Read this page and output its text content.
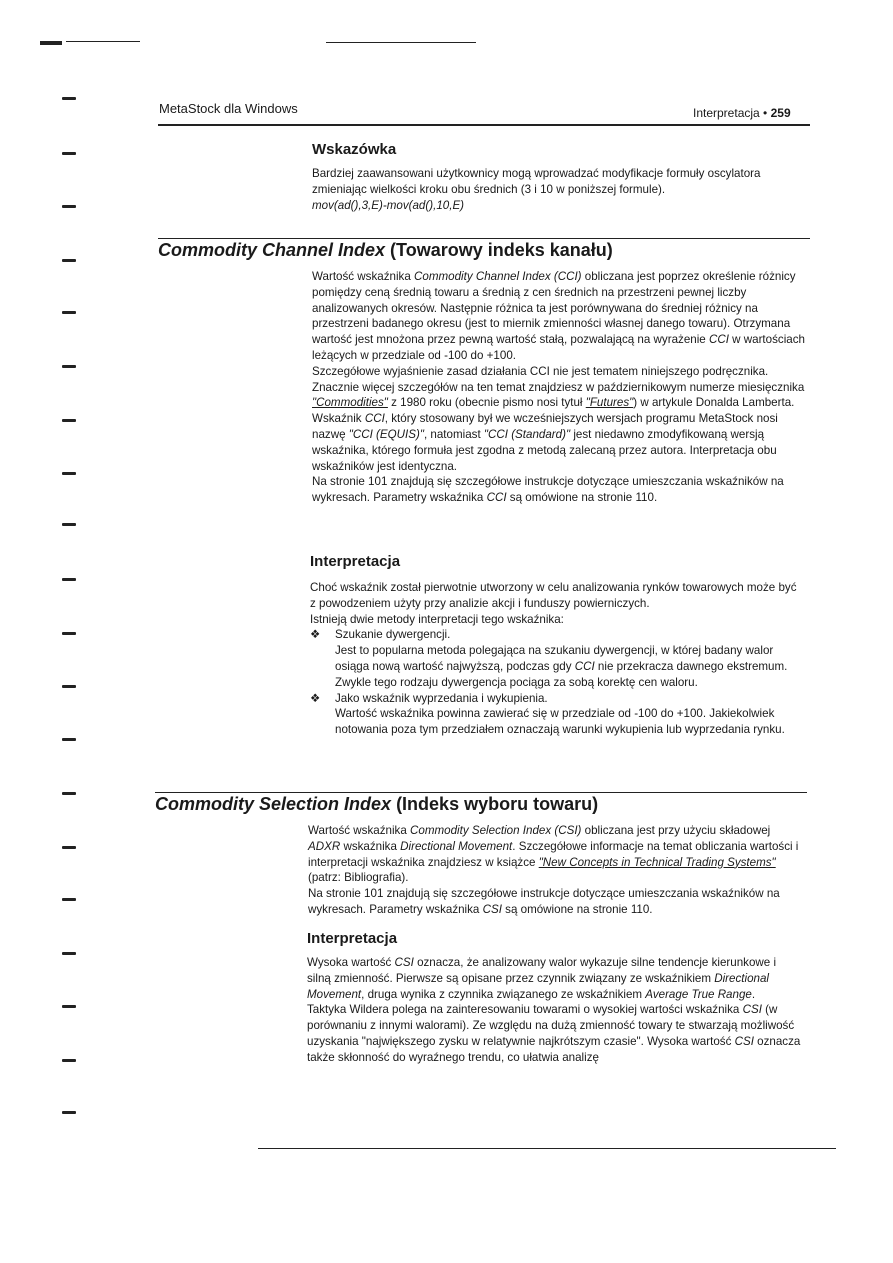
MetaStock dla Windows	Interpretacja • 259
Wskazówka

Bardziej zaawansowani użytkownicy mogą wprowadzać modyfikacje formuły oscylatora zmieniając wielkości kroku obu średnich (3 i 10 w poniższej formule).

mov(ad(),3,E)-mov(ad(),10,E)

Commodity Channel Index (Towarowy indeks kanału)

Wartość wskaźnika Commodity Channel Index (CCI) obliczana jest poprzez określenie różnicy pomiędzy ceną średnią towaru a średnią z cen średnich na przestrzeni pewnej liczby analizowanych okresów. Następnie różnica ta jest porównywana do średniej różnicy na przestrzeni badanego okresu (jest to miernik zmienności własnej danego towaru). Otrzymana wartość jest mnożona przez pewną wartość stałą, pozwalającą na wyrażenie CCI w wartościach leżących w przedziale od -100 do +100.

Szczegółowe wyjaśnienie zasad działania CCI nie jest tematem niniejszego podręcznika. Znacznie więcej szczegółów na ten temat znajdziesz w październikowym numerze miesięcznika "Commodities" z 1980 roku (obecnie pismo nosi tytuł "Futures") w artykule Donalda Lamberta.

Wskaźnik CCI, który stosowany był we wcześniejszych wersjach programu MetaStock nosi nazwę "CCI (EQUIS)", natomiast "CCI (Standard)" jest niedawno zmodyfikowaną wersją wskaźnika, którego formuła jest zgodna z metodą zalecaną przez autora. Interpretacja obu wskaźników jest identyczna.

Na stronie 101 znajdują się szczegółowe instrukcje dotyczące umieszczania wskaźników na wykresach. Parametry wskaźnika CCI są omówione na stronie 110.

Interpretacja

Choć wskaźnik został pierwotnie utworzony w celu analizowania rynków towarowych może być z powodzeniem użyty przy analizie akcji i funduszy powierniczych.

Istnieją dwie metody interpretacji tego wskaźnika:

❖ Szukanie dywergencji.

Jest to popularna metoda polegająca na szukaniu dywergencji, w której badany walor osiąga nową wartość najwyższą, podczas gdy CCI nie przekracza dawnego ekstremum. Zwykle tego rodzaju dywergencja pociąga za sobą korektę cen waloru.

❖ Jako wskaźnik wyprzedania i wykupienia.

Wartość wskaźnika powinna zawierać się w przedziale od -100 do +100. Jakiekolwiek notowania poza tym przedziałem oznaczają warunki wykupienia lub wyprzedania rynku.

Commodity Selection Index (Indeks wyboru towaru)

Wartość wskaźnika Commodity Selection Index (CSI) obliczana jest przy użyciu składowej ADXR wskaźnika Directional Movement. Szczegółowe informacje na temat obliczania wartości i interpretacji wskaźnika znajdziesz w książce "New Concepts in Technical Trading Systems" (patrz: Bibliografia).

Na stronie 101 znajdują się szczegółowe instrukcje dotyczące umieszczania wskaźników na wykresach. Parametry wskaźnika CSI są omówione na stronie 110.

Interpretacja

Wysoka wartość CSI oznacza, że analizowany walor wykazuje silne tendencje kierunkowe i silną zmienność. Pierwsze są opisane przez czynnik związany ze wskaźnikiem Directional Movement, druga wynika z czynnika związanego ze wskaźnikiem Average True Range.

Taktyka Wildera polega na zainteresowaniu towarami o wysokiej wartości wskaźnika CSI (w porównaniu z innymi walorami). Ze względu na dużą zmienność towary te stwarzają możliwość uzyskania "największego zysku w relatywnie najkrótszym czasie". Wysoka wartość CSI oznacza także skłonność do wyraźnego trendu, co ułatwia analizę
